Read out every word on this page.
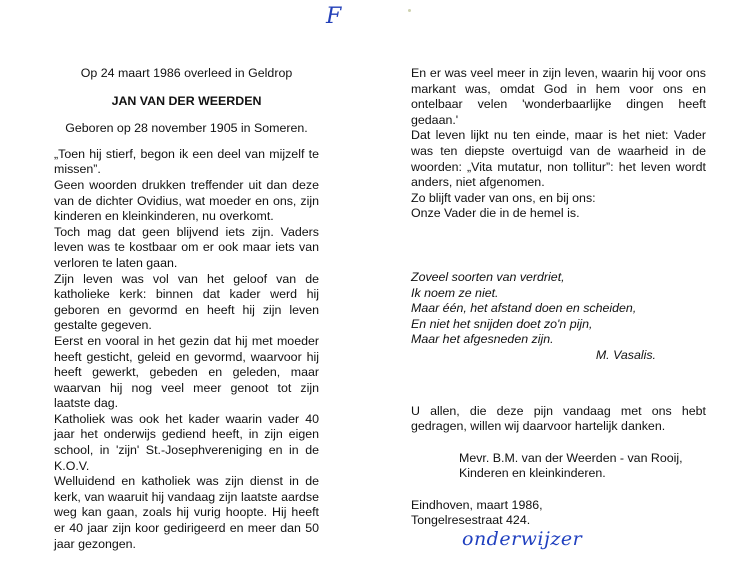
F
Op 24 maart 1986 overleed in Geldrop
JAN VAN DER WEERDEN
Geboren op 28 november 1905 in Someren.
„Toen hij stierf, begon ik een deel van mijzelf te missen”.
Geen woorden drukken treffender uit dan deze van de dichter Ovidius, wat moeder en ons, zijn kinderen en kleinkinderen, nu overkomt.
Toch mag dat geen blijvend iets zijn. Vaders leven was te kostbaar om er ook maar iets van verloren te laten gaan.
Zijn leven was vol van het geloof van de katholieke kerk: binnen dat kader werd hij geboren en gevormd en heeft hij zijn leven gestalte gegeven.
Eerst en vooral in het gezin dat hij met moeder heeft gesticht, geleid en gevormd, waarvoor hij heeft gewerkt, gebeden en geleden, maar waarvan hij nog veel meer genoot tot zijn laatste dag.
Katholiek was ook het kader waarin vader 40 jaar het onderwijs gediend heeft, in zijn eigen school, in 'zijn' St.-Josephvereniging en in de K.O.V.
Welluidend en katholiek was zijn dienst in de kerk, van waaruit hij vandaag zijn laatste aardse weg kan gaan, zoals hij vurig hoopte. Hij heeft er 40 jaar zijn koor gedirigeerd en meer dan 50 jaar gezongen.
En er was veel meer in zijn leven, waarin hij voor ons markant was, omdat God in hem voor ons en ontelbaar velen 'wonderbaarlijke dingen heeft gedaan.'
Dat leven lijkt nu ten einde, maar is het niet: Vader was ten diepste overtuigd van de waarheid in de woorden: „Vita mutatur, non tollitur”: het leven wordt anders, niet afgenomen.
Zo blijft vader van ons, en bij ons:
Onze Vader die in de hemel is.
Zoveel soorten van verdriet,
Ik noem ze niet.
Maar één, het afstand doen en scheiden,
En niet het snijden doet zo'n pijn,
Maar het afgesneden zijn.
M. Vasalis.
U allen, die deze pijn vandaag met ons hebt gedragen, willen wij daarvoor hartelijk danken.
Mevr. B.M. van der Weerden - van Rooij,
Kinderen en kleinkinderen.
Eindhoven, maart 1986,
Tongelresestraat 424.
onderwijzer
